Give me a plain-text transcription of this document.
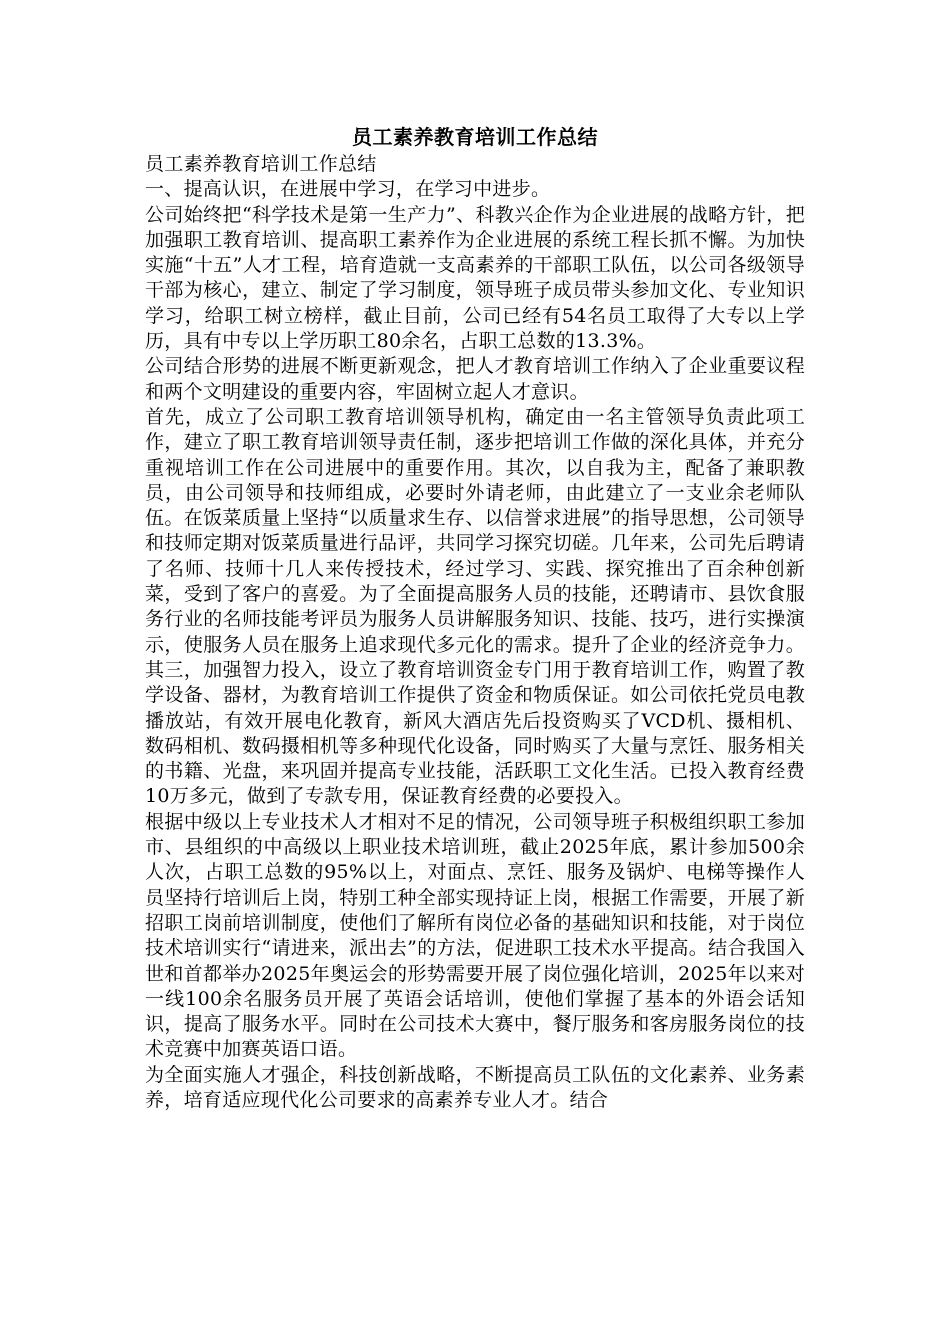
员工素养教育培训工作总结

员工素养教育培训工作总结

一、提高认识，在进展中学习，在学习中进步。

公司始终把“科学技术是第一生产力”、科教兴企作为企业进展的战略方针，把加强职工教育培训、提高职工素养作为企业进展的系统工程长抓不懈。为加快实施“十五”人才工程，培育造就一支高素养的干部职工队伍，以公司各级领导干部为核心，建立、制定了学习制度，领导班子成员带头参加文化、专业知识学习，给职工树立榜样，截止目前，公司已经有54名员工取得了大专以上学历，具有中专以上学历职工80余名，占职工总数的13.3%。

公司结合形势的进展不断更新观念，把人才教育培训工作纳入了企业重要议程和两个文明建设的重要内容，牢固树立起人才意识。

首先，成立了公司职工教育培训领导机构，确定由一名主管领导负责此项工作，建立了职工教育培训领导责任制，逐步把培训工作做的深化具体，并充分重视培训工作在公司进展中的重要作用。其次，以自我为主，配备了兼职教员，由公司领导和技师组成，必要时外请老师，由此建立了一支业余老师队伍。在饭菜质量上坚持“以质量求生存、以信誉求进展”的指导思想，公司领导和技师定期对饭菜质量进行品评，共同学习探究切磋。几年来，公司先后聘请了名师、技师十几人来传授技术，经过学习、实践、探究推出了百余种创新菜，受到了客户的喜爱。为了全面提高服务人员的技能，还聘请市、县饮食服务行业的名师技能考评员为服务人员讲解服务知识、技能、技巧，进行实操演示，使服务人员在服务上追求现代多元化的需求。提升了企业的经济竞争力。其三，加强智力投入，设立了教育培训资金专门用于教育培训工作，购置了教学设备、器材，为教育培训工作提供了资金和物质保证。如公司依托党员电教播放站，有效开展电化教育，新风大酒店先后投资购买了VCD机、摄相机、数码相机、数码摄相机等多种现代化设备，同时购买了大量与烹饪、服务相关的书籍、光盘，来巩固并提高专业技能，活跃职工文化生活。已投入教育经费10万多元，做到了专款专用，保证教育经费的必要投入。

根据中级以上专业技术人才相对不足的情况，公司领导班子积极组织职工参加市、县组织的中高级以上职业技术培训班，截止2025年底，累计参加500余人次，占职工总数的95%以上，对面点、烹饪、服务及锅炉、电梯等操作人员坚持行培训后上岗，特别工种全部实现持证上岗，根据工作需要，开展了新招职工岗前培训制度，使他们了解所有岗位必备的基础知识和技能，对于岗位技术培训实行“请进来，派出去”的方法，促进职工技术水平提高。结合我国入世和首都举办2025年奥运会的形势需要开展了岗位强化培训，2025年以来对一线100余名服务员开展了英语会话培训，使他们掌握了基本的外语会话知识，提高了服务水平。同时在公司技术大赛中，餐厅服务和客房服务岗位的技术竞赛中加赛英语口语。

为全面实施人才强企，科技创新战略，不断提高员工队伍的文化素养、业务素养，培育适应现代化公司要求的高素养专业人才。结合
